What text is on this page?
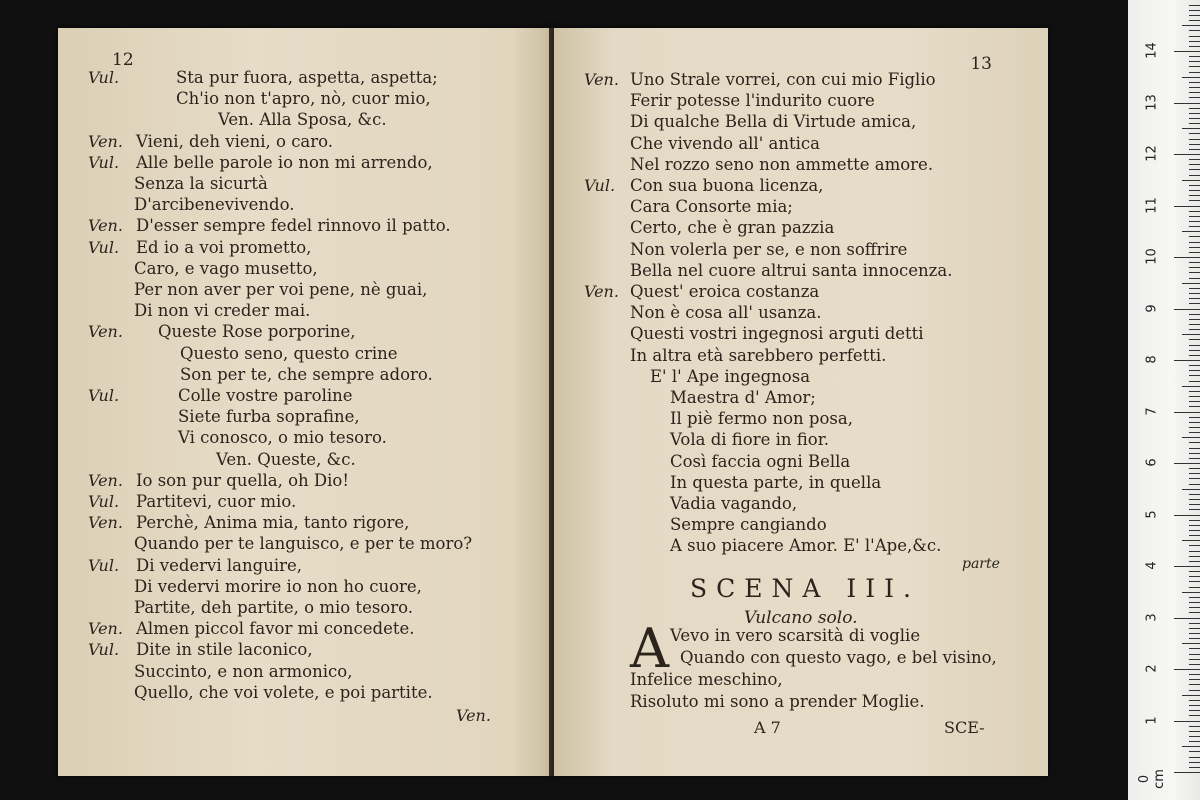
12
Vul.	Sta pur fuora, aspetta, aspetta;
Ch'io non t'apro, nò, cuor mio,
Ven. Alla Sposa, &c.
Ven. Vieni, deh vieni, o caro.
Vul. Alle belle parole io non mi arrendo,
Senza la sicurtà
D'arcibenevivendo.
Ven. D'esser sempre fedel rinnovo il patto.
Vul. Ed io a voi prometto,
Caro, e vago musetto,
Per non aver per voi pene, nè guai,
Di non vi creder mai.
Ven. Queste Rose porporine,
Questo seno, questo crine
Son per te, che sempre adoro.
Vul.	Colle vostre paroline
Siete furba soprafine,
Vi conosco, o mio tesoro.
Ven. Queste, &c.
Ven. Io son pur quella, oh Dio!
Vul. Partitevi, cuor mio.
Ven. Perchè, Anima mia, tanto rigore,
Quando per te languisco, e per te moro?
Vul. Di vedervi languire,
Di vedervi morire io non ho cuore,
Partite, deh partite, o mio tesoro.
Ven. Almen piccol favor mi concedete.
Vul. Dite in stile laconico,
Succinto, e non armonico,
Quello, che voi volete, e poi partite.
Ven.
13
Ven. Uno Strale vorrei, con cui mio Figlio
Ferir potesse l'indurito cuore
Di qualche Bella di Virtude amica,
Che vivendo all' antica
Nel rozzo seno non ammette amore.
Vul. Con sua buona licenza,
Cara Consorte mia;
Certo, che è gran pazzia
Non volerla per se, e non soffrire
Bella nel cuore altrui santa innocenza.
Ven. Quest' eroica costanza
Non è cosa all' usanza.
Questi vostri ingegnosi arguti detti
In altra età sarebbero perfetti.
E' l' Ape ingegnosa
Maestra d' Amor;
Il piè fermo non posa,
Vola di fiore in fior.
Così faccia ogni Bella
In questa parte, in quella
Vadia vagando,
Sempre cangiando
A suo piacere Amor. E' l'Ape,&c.
parte
SCENA III.
Vulcano solo.
A Vevo in vero scarsità di voglie
Quando con questo vago, e bel visino,
Infelice meschino,
Risoluto mi sono a prender Moglie.
A 7	SCE-
0 cm
1
2
3
4
5
6
7
8
9
10
11
12
13
14
